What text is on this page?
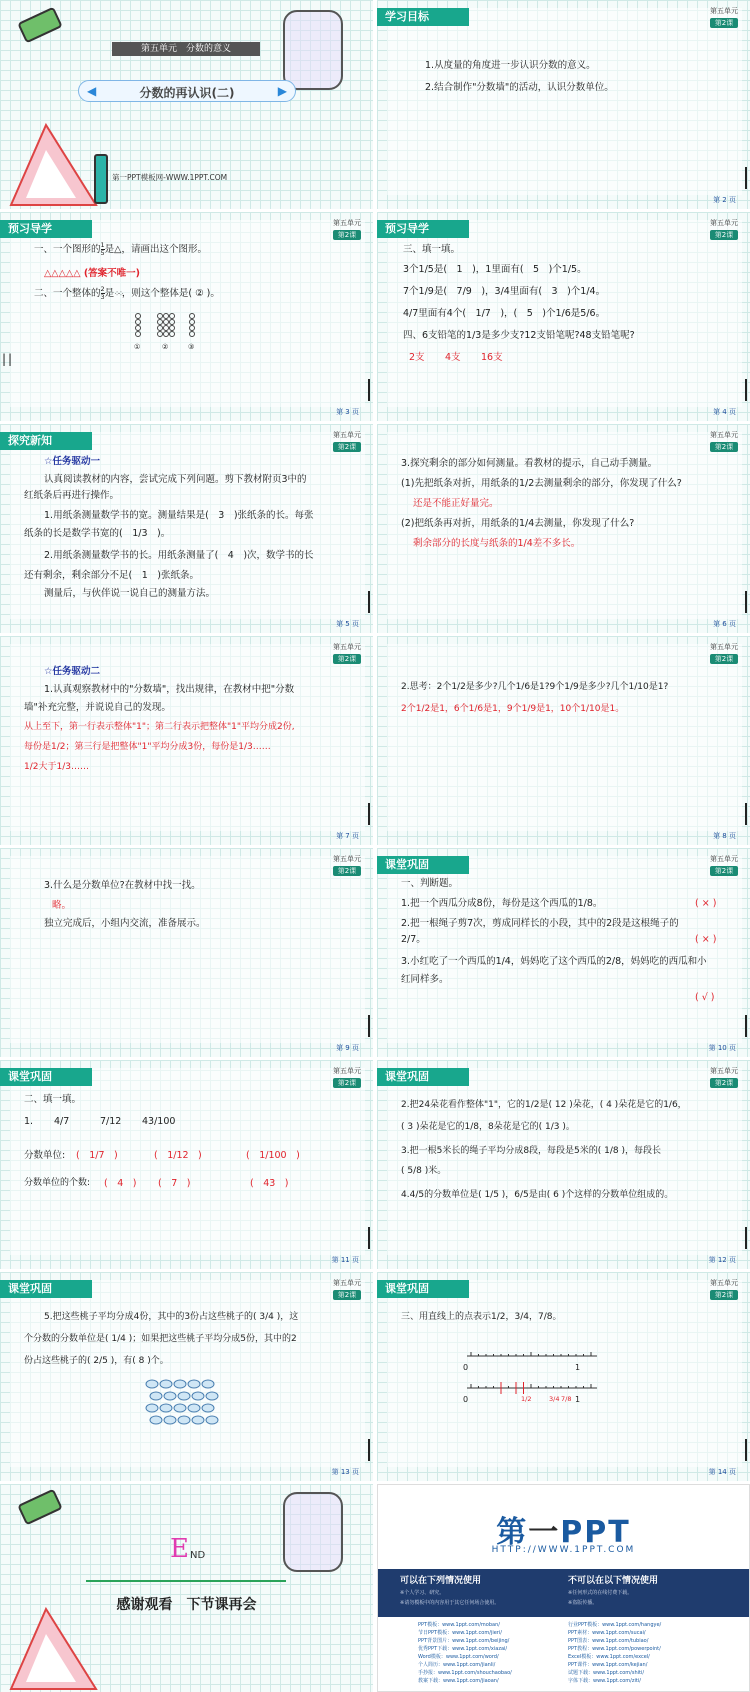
第五单元　分数的意义
◀	分数的再认识(二)	▶
第一PPT模板网-WWW.1PPT.COM
学习目标	第五单元
第2课
1.从度量的角度进一步认识分数的意义。
2.结合制作"分数墙"的活动，认识分数单位。
第 2 页
预习导学	第五单元
第2课
一、一个图形的 $\frac{1}{5}$ 是△，请画出这个图形。
△△△△△ (答案不唯一)
二、一个整体的 $\frac{2}{3}$ 是⁘⁘，则这个整体是( ② )。
①	②	③
第 3 页
||
预习导学	第五单元
第2课
三、填一填。
3个1/5是(　1　)，1里面有(　5　)个1/5。
7个1/9是(　7/9　)，3/4里面有(　3　)个1/4。
4/7里面有4个(　1/7　)，(　5　)个1/6是5/6。
四、6支铅笔的1/3是多少支?12支铅笔呢?48支铅笔呢?
2支 4支 16支
第 4 页
探究新知	第五单元
第2课
☆任务驱动一
认真阅读教材的内容，尝试完成下列问题。剪下教材附页3中的
红纸条后再进行操作。
1.用纸条测量数学书的宽。测量结果是(　3　)张纸条的长。每张
纸条的长是数学书宽的(　1/3　)。
2.用纸条测量数学书的长。用纸条测量了(　4　)次，数学书的长
还有剩余，剩余部分不足(　1　)张纸条。
测量后，与伙伴说一说自己的测量方法。
第 5 页
第五单元
第2课
3.探究剩余的部分如何测量。看教材的提示，自己动手测量。
(1)先把纸条对折，用纸条的1/2去测量剩余的部分，你发现了什么?
还是不能正好量完。
(2)把纸条再对折，用纸条的1/4去测量，你发现了什么?
剩余部分的长度与纸条的1/4差不多长。
第 6 页
第五单元
第2课
☆任务驱动二
1.认真观察教材中的"分数墙"，找出规律，在教材中把"分数
墙"补充完整，并说说自己的发现。
从上至下，第一行表示整体"1"；第二行表示把整体"1"平均分成2份,
每份是1/2；第三行是把整体"1"平均分成3份，每份是1/3……
1/2大于1/3……
第 7 页
第五单元
第2课
2.思考：2个1/2是多少?几个1/6是1?9个1/9是多少?几个1/10是1?
2个1/2是1，6个1/6是1，9个1/9是1，10个1/10是1。
第 8 页
第五单元
第2课
3.什么是分数单位?在教材中找一找。
略。
独立完成后，小组内交流，准备展示。
第 9 页
课堂巩固	第五单元
第2课
一、判断题。
1.把一个西瓜分成8份，每份是这个西瓜的1/8。	( × )
2.把一根绳子剪7次，剪成同样长的小段，其中的2段是这根绳子的
2/7。	( × )
3.小红吃了一个西瓜的1/4，妈妈吃了这个西瓜的2/8，妈妈吃的西瓜和小
红同样多。
( √ )
第 10 页
课堂巩固	第五单元
第2课
二、填一填。
1. 4/7	7/12 43/100
分数单位: (　1/7　)	(　1/12　)	(　1/100　)
分数单位的个数: (　4　) (　7　)	(　43　)
第 11 页
课堂巩固	第五单元
第2课
2.把24朵花看作整体"1"，它的1/2是( 12 )朵花，( 4 )朵花是它的1/6，
( 3 )朵花是它的1/8，8朵花是它的( 1/3 )。
3.把一根5米长的绳子平均分成8段，每段是5米的( 1/8 )，每段长
( 5/8 )米。
4.4/5的分数单位是( 1/5 )，6/5是由( 6 )个这样的分数单位组成的。
第 12 页
课堂巩固	第五单元
第2课
5.把这些桃子平均分成4份，其中的3份占这些桃子的( 3/4 )，这
个分数的分数单位是( 1/4 )；如果把这些桃子平均分成5份，其中的2
份占这些桃子的( 2/5 )，有( 8 )个。
第 13 页
课堂巩固	第五单元
第2课
三、用直线上的点表示1/2，3/4，7/8。
0	1
0	1
1/2	3/4 7/8
第 14 页
E ND
感谢观看　下节课再会
第一PPT
HTTP://WWW.1PPT.COM
可以在下列情况使用	不可以在以下情况使用
※个人学习、研究。
※请勿模板中的内容用于其它任何场合使用。
※任何形式的在线付费下载。
※盗版传播。
PPT模板：www.1ppt.com/moban/
节日PPT模板：www.1ppt.com/jieri/
PPT背景图片：www.1ppt.com/beijing/
优秀PPT下载：www.1ppt.com/xiazai/
Word模板：www.1ppt.com/word/
个人简历：www.1ppt.com/jianli/
手抄报：www.1ppt.com/shouchaobao/
教案下载：www.1ppt.com/jiaoan/
行业PPT模板：www.1ppt.com/hangye/
PPT素材：www.1ppt.com/sucai/
PPT图表：www.1ppt.com/tubiao/
PPT教程：www.1ppt.com/powerpoint/
Excel模板：www.1ppt.com/excel/
PPT课件：www.1ppt.com/kejian/
试题下载：www.1ppt.com/shiti/
字体下载：www.1ppt.com/ziti/
